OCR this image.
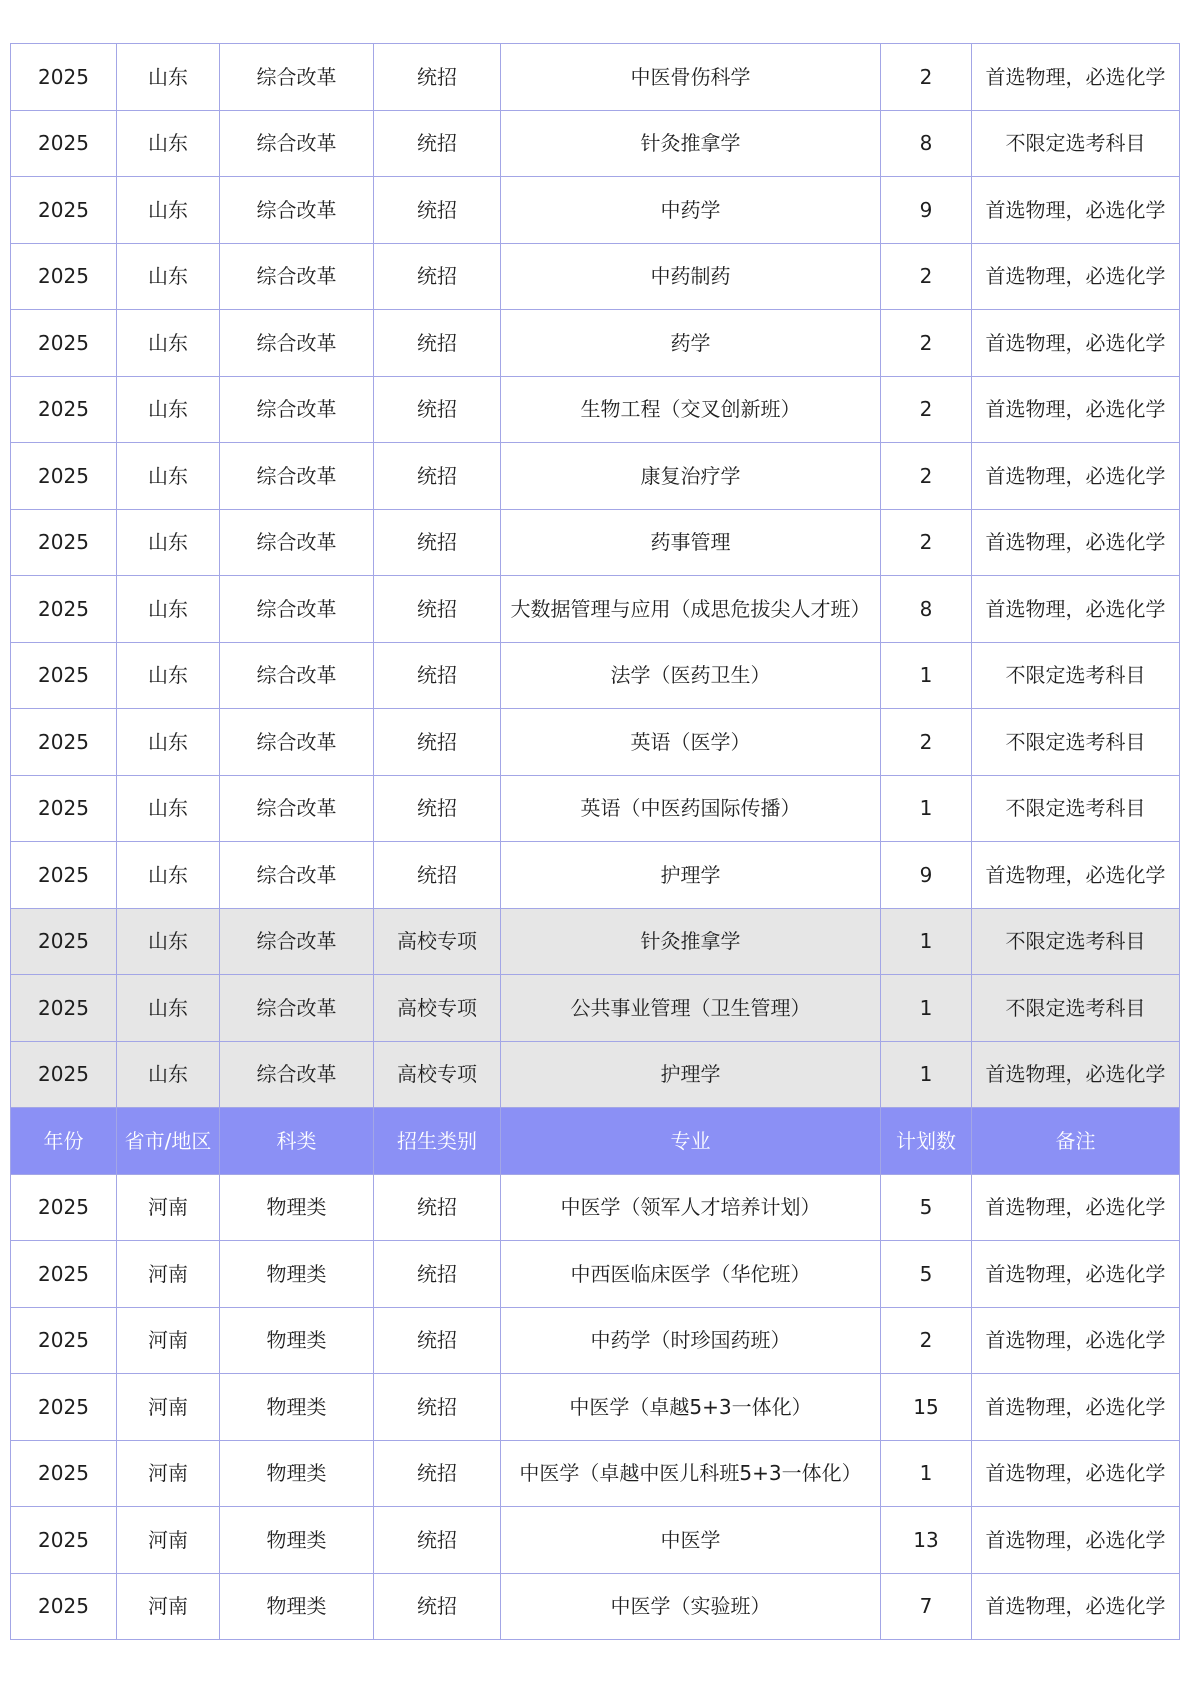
2025	山东	综合改革	统招	中医骨伤科学	2	首选物理，必选化学
2025	山东	综合改革	统招	针灸推拿学	8	不限定选考科目
2025	山东	综合改革	统招	中药学	9	首选物理，必选化学
2025	山东	综合改革	统招	中药制药	2	首选物理，必选化学
2025	山东	综合改革	统招	药学	2	首选物理，必选化学
2025	山东	综合改革	统招	生物工程（交叉创新班）	2	首选物理，必选化学
2025	山东	综合改革	统招	康复治疗学	2	首选物理，必选化学
2025	山东	综合改革	统招	药事管理	2	首选物理，必选化学
2025	山东	综合改革	统招	大数据管理与应用（成思危拔尖人才班）	8	首选物理，必选化学
2025	山东	综合改革	统招	法学（医药卫生）	1	不限定选考科目
2025	山东	综合改革	统招	英语（医学）	2	不限定选考科目
2025	山东	综合改革	统招	英语（中医药国际传播）	1	不限定选考科目
2025	山东	综合改革	统招	护理学	9	首选物理，必选化学
2025	山东	综合改革	高校专项	针灸推拿学	1	不限定选考科目
2025	山东	综合改革	高校专项	公共事业管理（卫生管理）	1	不限定选考科目
2025	山东	综合改革	高校专项	护理学	1	首选物理，必选化学
年份	省市/地区	科类	招生类别	专业	计划数	备注
2025	河南	物理类	统招	中医学（领军人才培养计划）	5	首选物理，必选化学
2025	河南	物理类	统招	中西医临床医学（华佗班）	5	首选物理，必选化学
2025	河南	物理类	统招	中药学（时珍国药班）	2	首选物理，必选化学
2025	河南	物理类	统招	中医学（卓越5+3一体化）	15	首选物理，必选化学
2025	河南	物理类	统招	中医学（卓越中医儿科班5+3一体化）	1	首选物理，必选化学
2025	河南	物理类	统招	中医学	13	首选物理，必选化学
2025	河南	物理类	统招	中医学（实验班）	7	首选物理，必选化学
